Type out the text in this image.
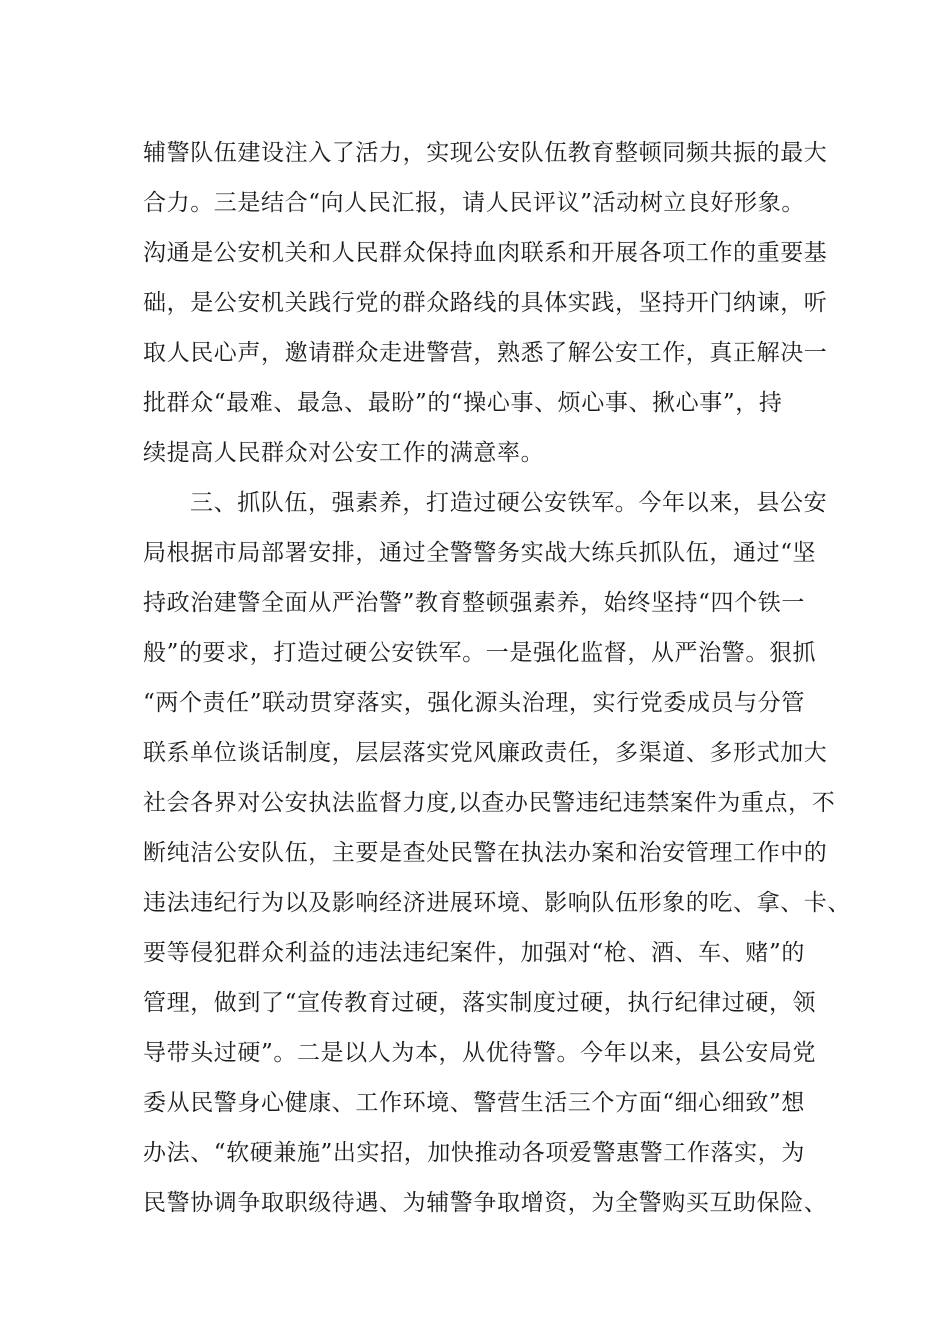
辅警队伍建设注入了活力，实现公安队伍教育整顿同频共振的最大
合力。三是结合“向人民汇报，请人民评议”活动树立良好形象。
沟通是公安机关和人民群众保持血肉联系和开展各项工作的重要基
础，是公安机关践行党的群众路线的具体实践，坚持开门纳谏，听
取人民心声，邀请群众走进警营，熟悉了解公安工作，真正解决一
批群众“最难、最急、最盼”的“操心事、烦心事、揪心事”，持
续提高人民群众对公安工作的满意率。
三、抓队伍，强素养，打造过硬公安铁军。今年以来，县公安
局根据市局部署安排，通过全警警务实战大练兵抓队伍，通过“坚
持政治建警全面从严治警”教育整顿强素养，始终坚持“四个铁一
般”的要求，打造过硬公安铁军。一是强化监督，从严治警。狠抓
“两个责任”联动贯穿落实，强化源头治理，实行党委成员与分管
联系单位谈话制度，层层落实党风廉政责任，多渠道、多形式加大
社会各界对公安执法监督力度,以查办民警违纪违禁案件为重点，不
断纯洁公安队伍，主要是查处民警在执法办案和治安管理工作中的
违法违纪行为以及影响经济进展环境、影响队伍形象的吃、拿、卡、
要等侵犯群众利益的违法违纪案件，加强对“枪、酒、车、赌”的
管理，做到了“宣传教育过硬，落实制度过硬，执行纪律过硬，领
导带头过硬”。二是以人为本，从优待警。今年以来，县公安局党
委从民警身心健康、工作环境、警营生活三个方面“细心细致”想
办法、“软硬兼施”出实招，加快推动各项爱警惠警工作落实，为
民警协调争取职级待遇、为辅警争取增资，为全警购买互助保险、
